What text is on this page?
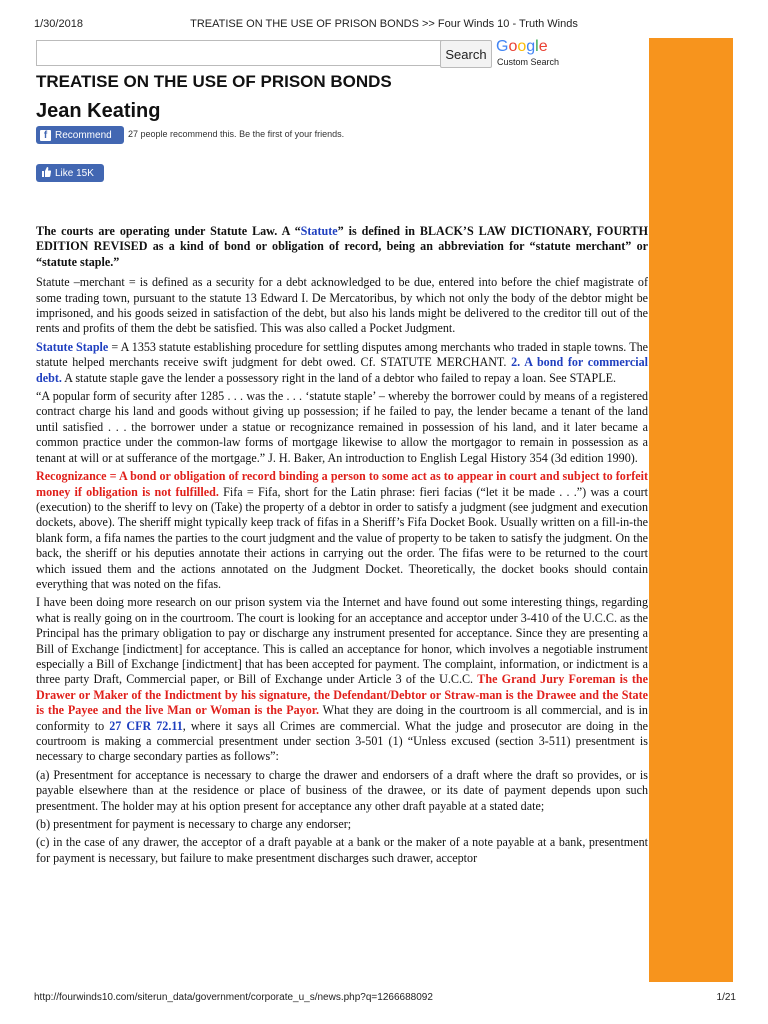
1/30/2018	TREATISE ON THE USE OF PRISON BONDS >> Four Winds 10 - Truth Winds
Search Google
Custom Search
TREATISE ON THE USE OF PRISON BONDS
Jean Keating
f Recommend 27 people recommend this. Be the first of your friends.
Like 15K

The courts are operating under Statute Law. A “Statute” is defined in BLACK’S LAW DICTIONARY, FOURTH EDITION REVISED as a kind of bond or obligation of record, being an abbreviation for “statute merchant” or “statute staple.”

Statute –merchant = is defined as a security for a debt acknowledged to be due, entered into before the chief magistrate of some trading town, pursuant to the statute 13 Edward I. De Mercatoribus, by which not only the body of the debtor might be imprisoned, and his goods seized in satisfaction of the debt, but also his lands might be delivered to the creditor till out of the rents and profits of them the debt be satisfied. This was also called a Pocket Judgment.

Statute Staple = A 1353 statute establishing procedure for settling disputes among merchants who traded in staple towns. The statute helped merchants receive swift judgment for debt owed. Cf. STATUTE MERCHANT. 2. A bond for commercial debt. A statute staple gave the lender a possessory right in the land of a debtor who failed to repay a loan. See STAPLE.

“A popular form of security after 1285 . . . was the . . . ‘statute staple’ – whereby the borrower could by means of a registered contract charge his land and goods without giving up possession; if he failed to pay, the lender became a tenant of the land until satisfied . . . the borrower under a statue or recognizance remained in possession of his land, and it later became a common practice under the common-law forms of mortgage likewise to allow the mortgagor to remain in possession as a tenant at will or at sufferance of the mortgage.” J. H. Baker, An introduction to English Legal History 354 (3d edition 1990).

Recognizance = A bond or obligation of record binding a person to some act as to appear in court and subject to forfeit money if obligation is not fulfilled. Fifa = Fifa, short for the Latin phrase: fieri facias (“let it be made . . .”) was a court (execution) to the sheriff to levy on (Take) the property of a debtor in order to satisfy a judgment (see judgment and execution dockets, above). The sheriff might typically keep track of fifas in a Sheriff’s Fifa Docket Book. Usually written on a fill-in-the blank form, a fifa names the parties to the court judgment and the value of property to be taken to satisfy the judgment. On the back, the sheriff or his deputies annotate their actions in carrying out the order. The fifas were to be returned to the court which issued them and the actions annotated on the Judgment Docket. Theoretically, the docket books should contain everything that was noted on the fifas.

I have been doing more research on our prison system via the Internet and have found out some interesting things, regarding what is really going on in the courtroom. The court is looking for an acceptance and acceptor under 3-410 of the U.C.C. as the Principal has the primary obligation to pay or discharge any instrument presented for acceptance. Since they are presenting a Bill of Exchange [indictment] for acceptance. This is called an acceptance for honor, which involves a negotiable instrument especially a Bill of Exchange [indictment] that has been accepted for payment. The complaint, information, or indictment is a three party Draft, Commercial paper, or Bill of Exchange under Article 3 of the U.C.C. The Grand Jury Foreman is the Drawer or Maker of the Indictment by his signature, the Defendant/Debtor or Straw-man is the Drawee and the State is the Payee and the live Man or Woman is the Payor. What they are doing in the courtroom is all commercial, and is in conformity to 27 CFR 72.11, where it says all Crimes are commercial. What the judge and prosecutor are doing in the courtroom is making a commercial presentment under section 3-501 (1) “Unless excused (section 3-511) presentment is necessary to charge secondary parties as follows”:

(a) Presentment for acceptance is necessary to charge the drawer and endorsers of a draft where the draft so provides, or is payable elsewhere than at the residence or place of business of the drawee, or its date of payment depends upon such presentment. The holder may at his option present for acceptance any other draft payable at a stated date;

(b) presentment for payment is necessary to charge any endorser;

(c) in the case of any drawer, the acceptor of a draft payable at a bank or the maker of a note payable at a bank, presentment for payment is necessary, but failure to make presentment discharges such drawer, acceptor

http://fourwinds10.com/siterun_data/government/corporate_u_s/news.php?q=1266688092	1/21
